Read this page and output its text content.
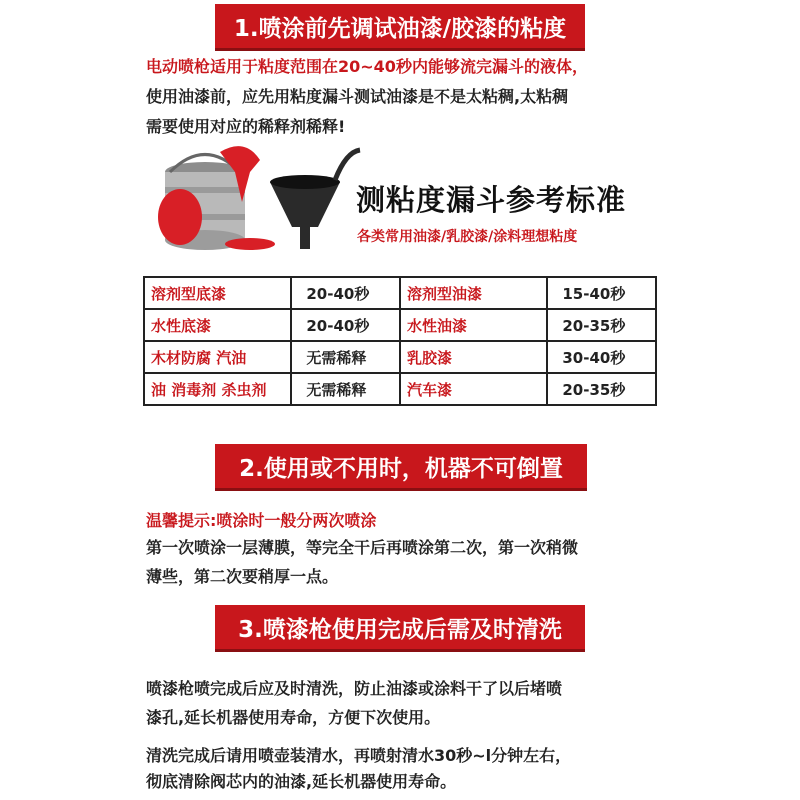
1.喷涂前先调试油漆/胶漆的粘度
电动喷枪适用于粘度范围在20~40秒内能够流完漏斗的液体，
使用油漆前，应先用粘度漏斗测试油漆是不是太粘稠,太粘稠
需要使用对应的稀释剂稀释!
测粘度漏斗参考标准
各类常用油漆/乳胶漆/涂料理想粘度
溶剂型底漆	20-40秒	溶剂型油漆	15-40秒
水性底漆	20-40秒	水性油漆	20-35秒
木材防腐 汽油	无需稀释	乳胶漆	30-40秒
油 消毒剂 杀虫剂	无需稀释	汽车漆	20-35秒
2.使用或不用时，机器不可倒置
温馨提示:喷涂时一般分两次喷涂
第一次喷涂一层薄膜，等完全干后再喷涂第二次，第一次稍微
薄些，第二次要稍厚一点。
3.喷漆枪使用完成后需及时清洗
喷漆枪喷完成后应及时清洗，防止油漆或涂料干了以后堵喷
漆孔,延长机器使用寿命，方便下次使用。
清洗完成后请用喷壶装清水，再喷射清水30秒~l分钟左右，
彻底清除阀芯内的油漆,延长机器使用寿命。
